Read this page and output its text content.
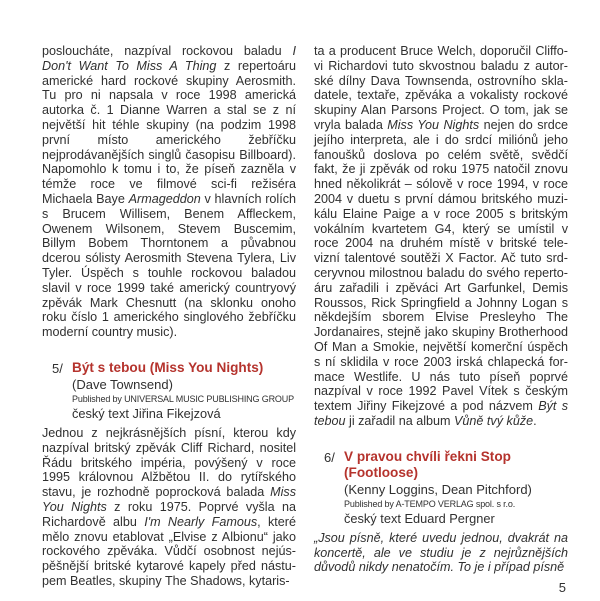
posloucháte, nazpíval rockovou baladu I Don't Want To Miss A Thing z repertoáru americké hard rockové skupiny Aerosmith. Tu pro ni napsala v roce 1998 americká autorka č. 1 Dianne Warren a stal se z ní největší hit téhle skupiny (na podzim 1998 první místo amerického žebříčku nejprodávanějších singlů časopisu Billboard). Napomohlo k tomu i to, že píseň zazněla v témže roce ve filmové sci-fi režiséra Michaela Baye Armageddon v hlavních rolích s Brucem Willisem, Benem Affleckem, Owenem Wilsonem, Stevem Buscemim, Billym Bobem Thorntonem a půvabnou dcerou sólisty Aerosmith Stevena Tylera, Liv Tyler. Úspěch s touhle rockovou baladou slavil v roce 1999 také americký countryový zpěvák Mark Chesnutt (na sklonku onoho roku číslo 1 amerického singlového žebříčku moderní country music).

5/ Být s tebou (Miss You Nights)
(Dave Townsend)
Published by UNIVERSAL MUSIC PUBLISHING GROUP
český text Jiřina Fikejzová

Jednou z nejkrásnějších písní, kterou kdy nazpíval britský zpěvák Cliff Richard, nositel Řádu britského impéria, povýšený v roce 1995 královnou Alžbětou II. do rytířského stavu, je rozhodně poprocková balada Miss You Nights z roku 1975. Poprvé vyšla na Richardově albu I'm Nearly Famous, které mělo znovu etablovat „Elvise z Albionu“ jako rockového zpěváka. Vůdčí osobnost nejúspěšnější britské kytarové kapely před nástupem Beatles, skupiny The Shadows, kytaris-

ta a producent Bruce Welch, doporučil Cliffovi Richardovi tuto skvostnou baladu z autorské dílny Dava Townsenda, ostrovního skladatele, textaře, zpěváka a vokalisty rockové skupiny Alan Parsons Project. O tom, jak se vryla balada Miss You Nights nejen do srdce jejího interpreta, ale i do srdcí miliónů jeho fanoušků doslova po celém světě, svědčí fakt, že ji zpěvák od roku 1975 natočil znovu hned několikrát – sólově v roce 1994, v roce 2004 v duetu s první dámou britského muzikálu Elaine Paige a v roce 2005 s britským vokálním kvartetem G4, který se umístil v roce 2004 na druhém místě v britské televizní talentové soutěži X Factor. Ač tuto srdceryvnou milostnou baladu do svého repertoáru zařadili i zpěváci Art Garfunkel, Demis Roussos, Rick Springfield a Johnny Logan s někdejším sborem Elvise Presleyho The Jordanaires, stejně jako skupiny Brotherhood Of Man a Smokie, největší komerční úspěch s ní sklidila v roce 2003 irská chlapecká formace Westlife. U nás tuto píseň poprvé nazpíval v roce 1992 Pavel Vítek s českým textem Jiřiny Fikejzové a pod názvem Být s tebou ji zařadil na album Vůně tvý kůže.

6/ V pravou chvíli řekni Stop
(Footloose)
(Kenny Loggins, Dean Pitchford)
Published by A-TEMPO VERLAG spol. s r.o.
český text Eduard Pergner

„Jsou písně, které uvedu jednou, dvakrát na koncertě, ale ve studiu je z nejrůznějších důvodů nikdy nenatočím. To je i případ písně

5
